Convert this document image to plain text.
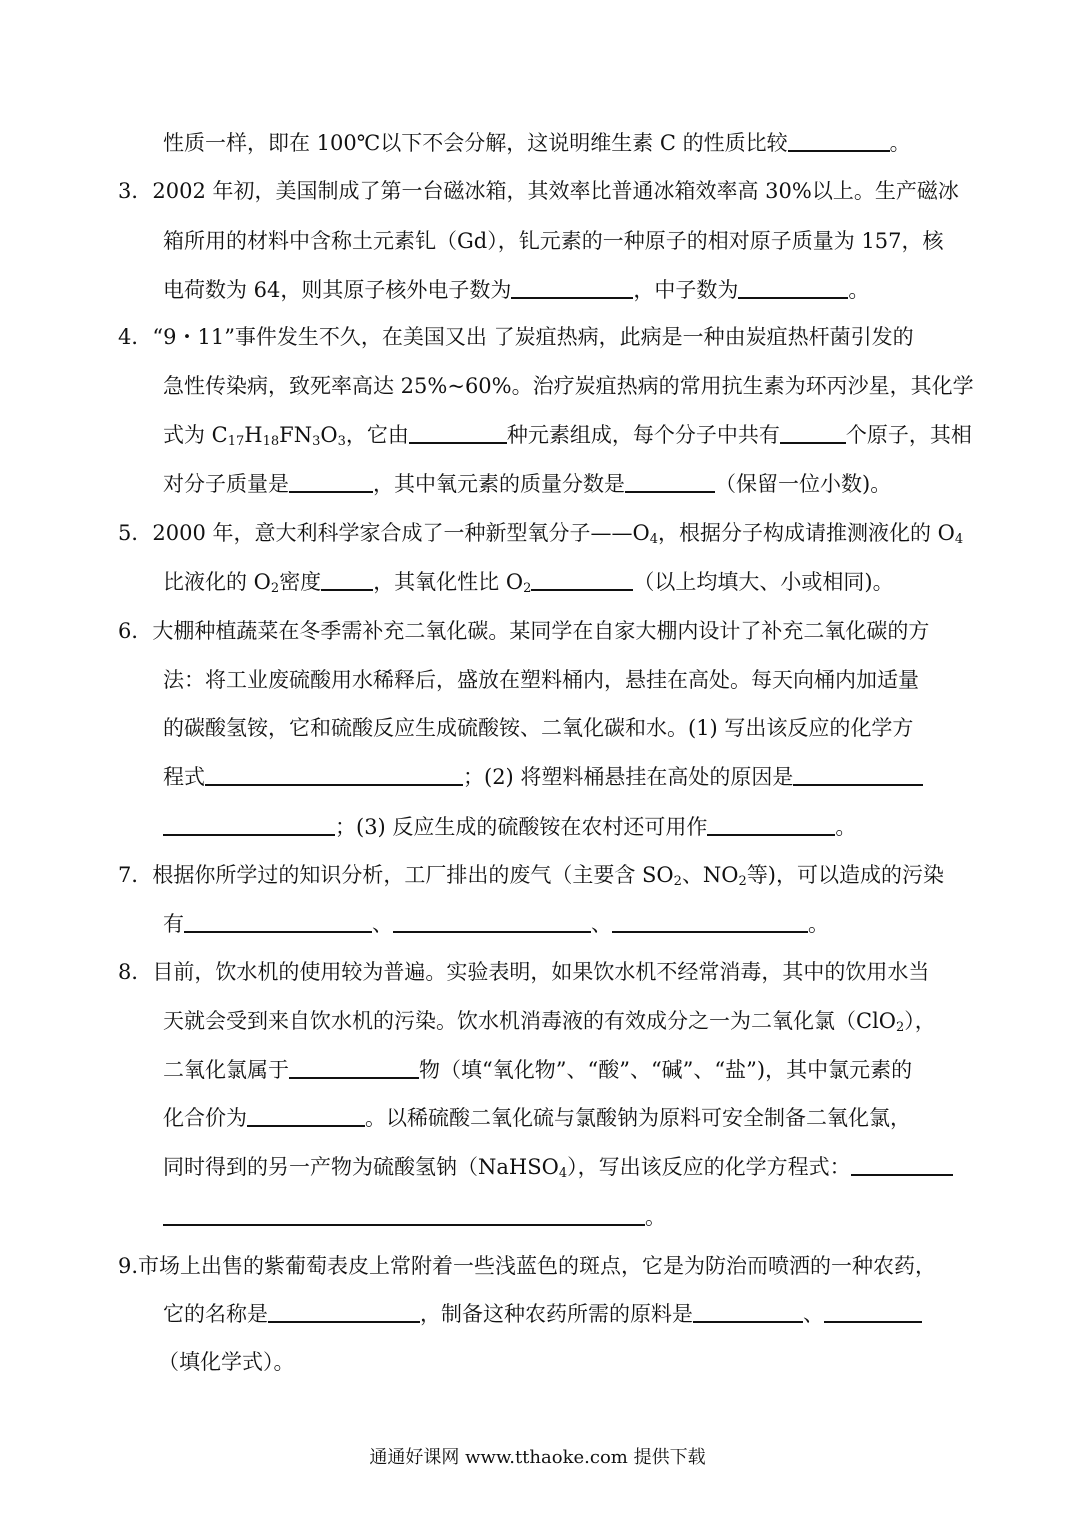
性质一样，即在 100℃以下不会分解，这说明维生素 C 的性质比较	。
3．2002 年初，美国制成了第一台磁冰箱，其效率比普通冰箱效率高 30%以上。生产磁冰
箱所用的材料中含称土元素钆（Gd），钆元素的一种原子的相对原子质量为 157，核
电荷数为 64，则其原子核外电子数为	，中子数为	。
4．“9・11”事件发生不久，在美国又出 了炭疽热病，此病是一种由炭疽热杆菌引发的
急性传染病，致死率高达 25%~60%。治疗炭疽热病的常用抗生素为环丙沙星，其化学
式为 $C_{17}H_{18}FN_3O_3$，它由	种元素组成，每个分子中共有	个原子，其相
对分子质量是	，其中氧元素的质量分数是	（保留一位小数)。
5．2000 年，意大利科学家合成了一种新型氧分子$——O_4$，根据分子构成请推测液化的 $O_4$
比液化的 $O_2$密度 ，其氧化性比 $O_2$	（以上均填大、小或相同)。
6．大棚种植蔬菜在冬季需补充二氧化碳。某同学在自家大棚内设计了补充二氧化碳的方
法：将工业废硫酸用水稀释后，盛放在塑料桶内，悬挂在高处。每天向桶内加适量
的碳酸氢铵，它和硫酸反应生成硫酸铵、二氧化碳和水。(1) 写出该反应的化学方
程式	；(2) 将塑料桶悬挂在高处的原因是
；(3) 反应生成的硫酸铵在农村还可用作	。
7．根据你所学过的知识分析，工厂排出的废气（主要含 $SO_2$、$NO_2$等)，可以造成的污染
有	、	、	。
8．目前，饮水机的使用较为普遍。实验表明，如果饮水机不经常消毒，其中的饮用水当
天就会受到来自饮水机的污染。饮水机消毒液的有效成分之一为二氧化氯（ClO$_2$），
二氧化氯属于	物（填“氧化物”、“酸”、“碱”、“盐”)，其中氯元素的
化合价为	。以稀硫酸二氧化硫与氯酸钠为原料可安全制备二氧化氯，
同时得到的另一产物为硫酸氢钠（NaHSO$_4$），写出该反应的化学方程式：
。
9.市场上出售的紫葡萄表皮上常附着一些浅蓝色的斑点，它是为防治而喷洒的一种农药，
它的名称是	，制备这种农药所需的原料是	、
（填化学式）。
通通好课网 www.tthaoke.com 提供下载
